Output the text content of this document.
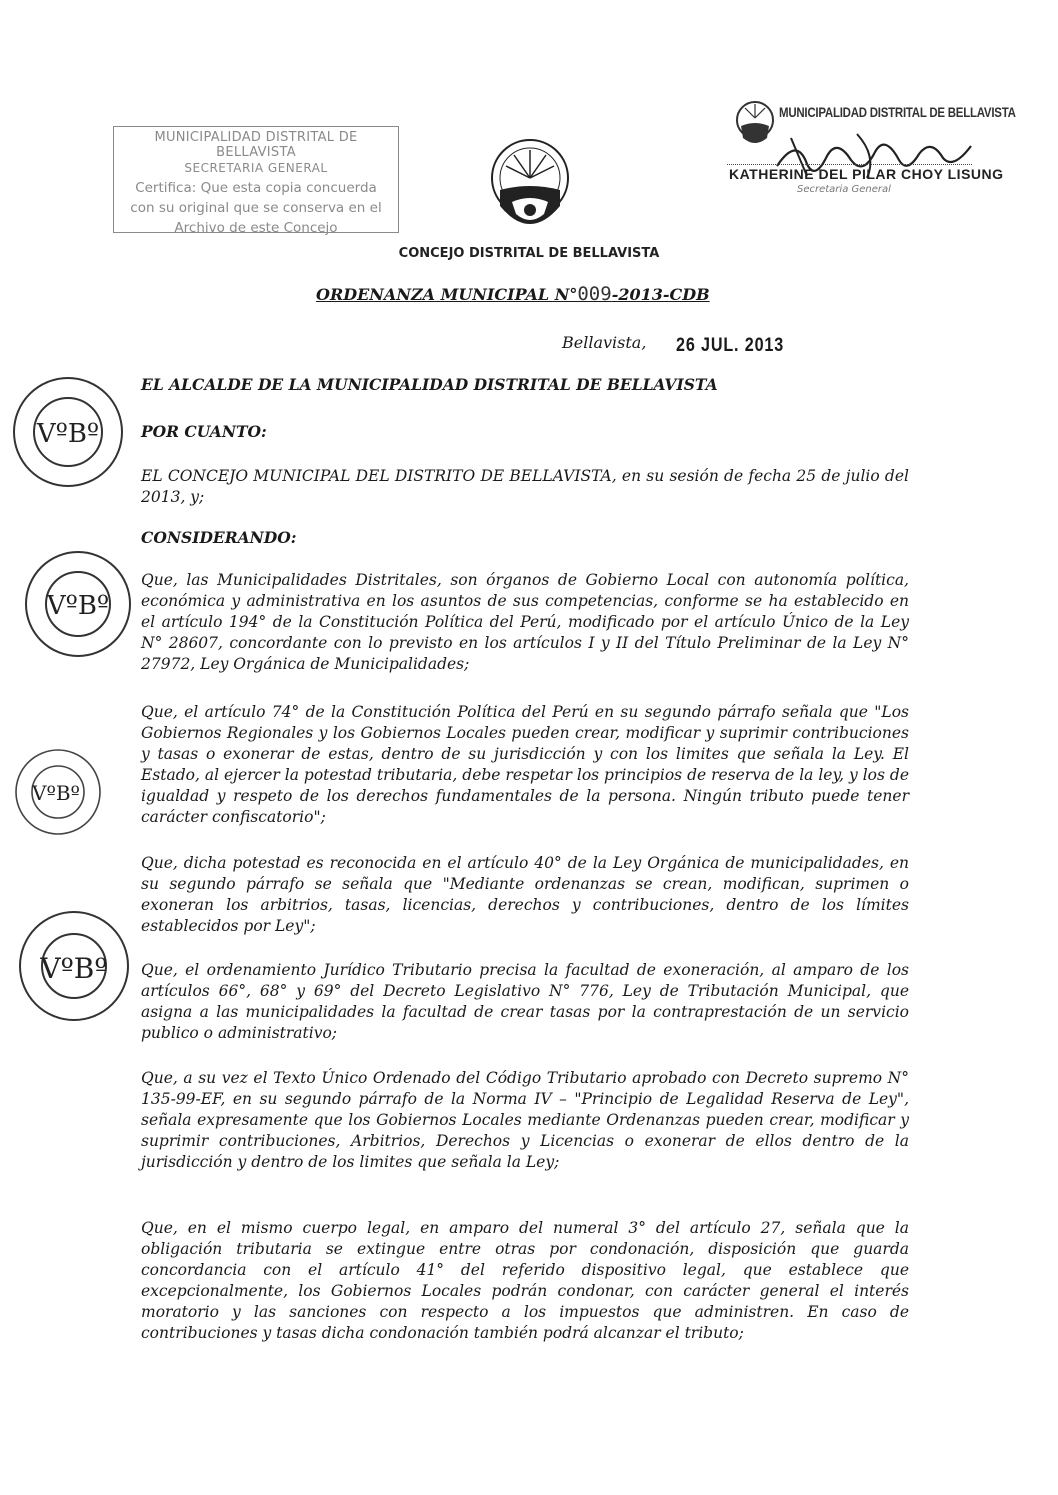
MUNICIPALIDAD DISTRITAL DE BELLAVISTA
SECRETARIA GENERAL
Certifica: Que esta copia concuerda
con su original que se conserva en el
Archivo de este Concejo
MUNICIPALIDAD DISTRITAL DE BELLAVISTA
KATHERINE DEL PILAR CHOY LISUNG
Secretaria General
CONCEJO DISTRITAL DE BELLAVISTA
ORDENANZA MUNICIPAL N°009-2013-CDB
Bellavista, 26 JUL. 2013
EL ALCALDE DE LA MUNICIPALIDAD DISTRITAL DE BELLAVISTA
POR CUANTO:
EL CONCEJO MUNICIPAL DEL DISTRITO DE BELLAVISTA, en su sesión de fecha 25 de julio del 2013, y;
CONSIDERANDO:
Que, las Municipalidades Distritales, son órganos de Gobierno Local con autonomía política, económica y administrativa en los asuntos de sus competencias, conforme se ha establecido en el artículo 194° de la Constitución Política del Perú, modificado por el artículo Único de la Ley N° 28607, concordante con lo previsto en los artículos I y II del Título Preliminar de la Ley N° 27972, Ley Orgánica de Municipalidades;
Que, el artículo 74° de la Constitución Política del Perú en su segundo párrafo señala que "Los Gobiernos Regionales y los Gobiernos Locales pueden crear, modificar y suprimir contribuciones y tasas o exonerar de estas, dentro de su jurisdicción y con los limites que señala la Ley. El Estado, al ejercer la potestad tributaria, debe respetar los principios de reserva de la ley, y los de igualdad y respeto de los derechos fundamentales de la persona. Ningún tributo puede tener carácter confiscatorio";
Que, dicha potestad es reconocida en el artículo 40° de la Ley Orgánica de municipalidades, en su segundo párrafo se señala que "Mediante ordenanzas se crean, modifican, suprimen o exoneran los arbitrios, tasas, licencias, derechos y contribuciones, dentro de los límites establecidos por Ley";
Que, el ordenamiento Jurídico Tributario precisa la facultad de exoneración, al amparo de los artículos 66°, 68° y 69° del Decreto Legislativo N° 776, Ley de Tributación Municipal, que asigna a las municipalidades la facultad de crear tasas por la contraprestación de un servicio publico o administrativo;
Que, a su vez el Texto Único Ordenado del Código Tributario aprobado con Decreto supremo N° 135-99-EF, en su segundo párrafo de la Norma IV – "Principio de Legalidad Reserva de Ley", señala expresamente que los Gobiernos Locales mediante Ordenanzas pueden crear, modificar y suprimir contribuciones, Arbitrios, Derechos y Licencias o exonerar de ellos dentro de la jurisdicción y dentro de los limites que señala la Ley;
Que, en el mismo cuerpo legal, en amparo del numeral 3° del artículo 27, señala que la obligación tributaria se extingue entre otras por condonación, disposición que guarda concordancia con el artículo 41° del referido dispositivo legal, que establece que excepcionalmente, los Gobiernos Locales podrán condonar, con carácter general el interés moratorio y las sanciones con respecto a los impuestos que administren. En caso de contribuciones y tasas dicha condonación también podrá alcanzar el tributo;
VºBº
VºBº
VºBº
VºBº
